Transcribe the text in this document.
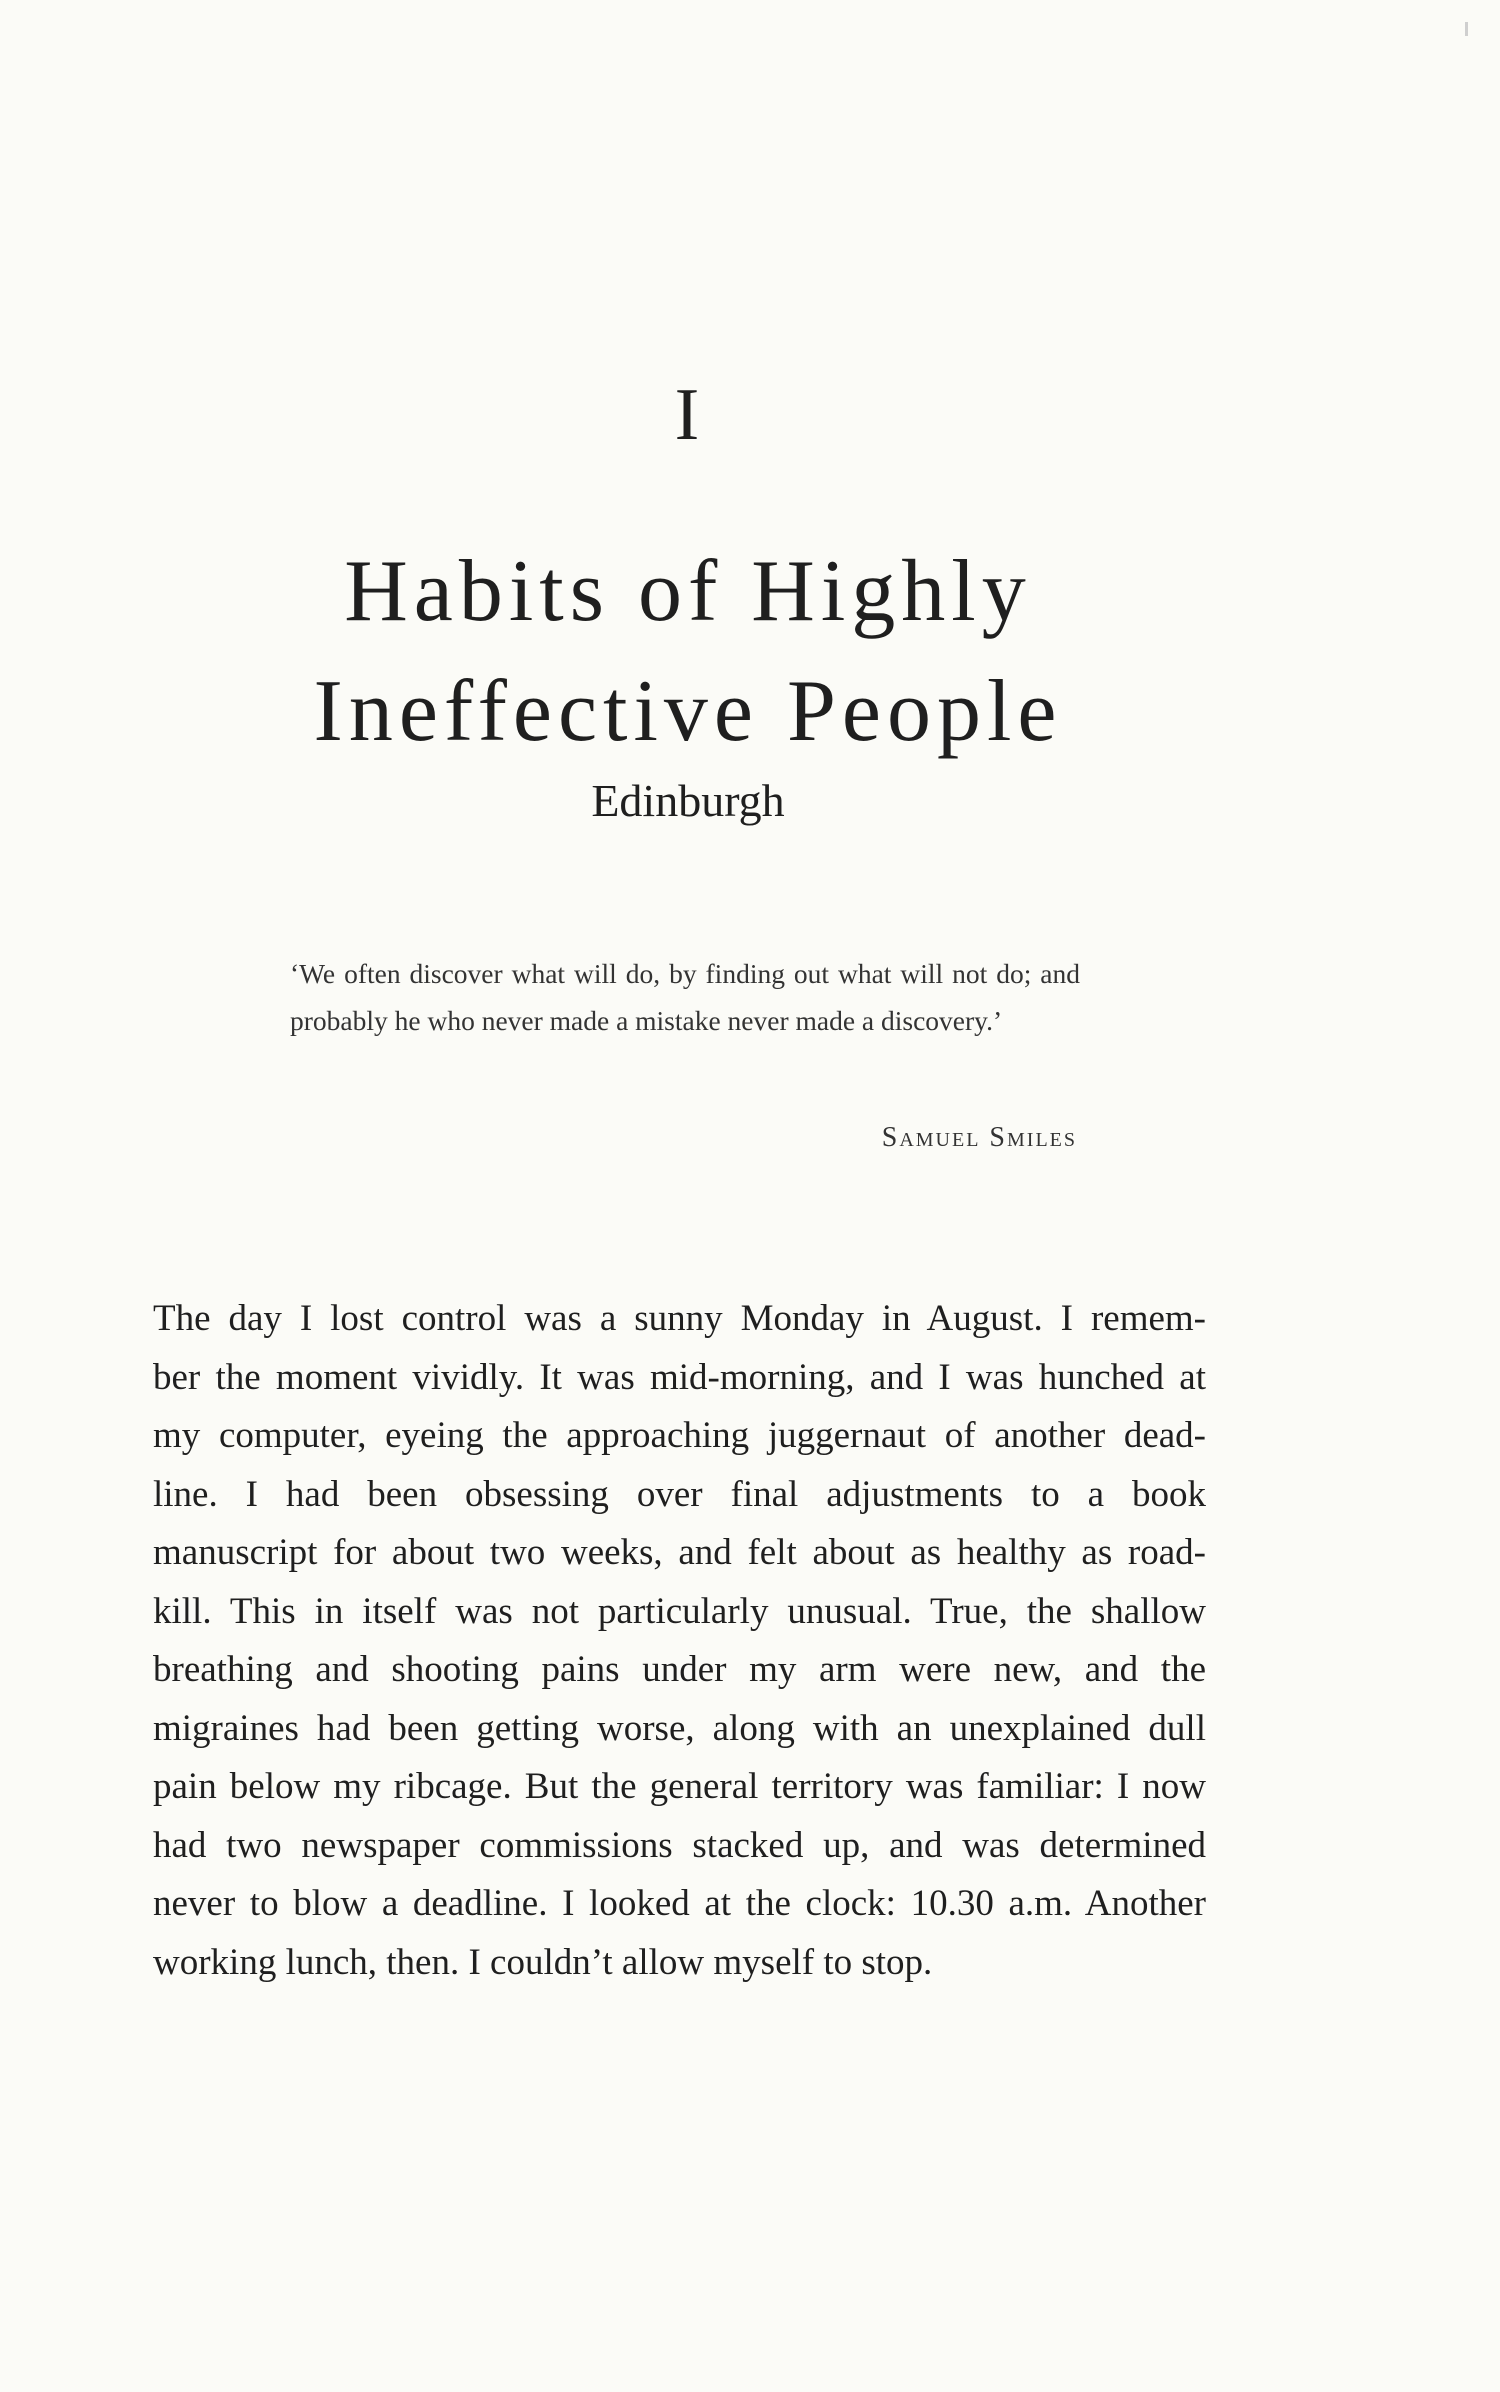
I
Habits of Highly
Ineffective People
Edinburgh

‘We often discover what will do, by finding out what will not do; and probably he who never made a mistake never made a discovery.’

Samuel Smiles

The day I lost control was a sunny Monday in August. I remem-
ber the moment vividly. It was mid-morning, and I was hunched at
my computer, eyeing the approaching juggernaut of another dead-
line. I had been obsessing over final adjustments to a book
manuscript for about two weeks, and felt about as healthy as road-
kill. This in itself was not particularly unusual. True, the shallow
breathing and shooting pains under my arm were new, and the
migraines had been getting worse, along with an unexplained dull
pain below my ribcage. But the general territory was familiar: I now
had two newspaper commissions stacked up, and was determined
never to blow a deadline. I looked at the clock: 10.30 a.m. Another
working lunch, then. I couldn’t allow myself to stop.
